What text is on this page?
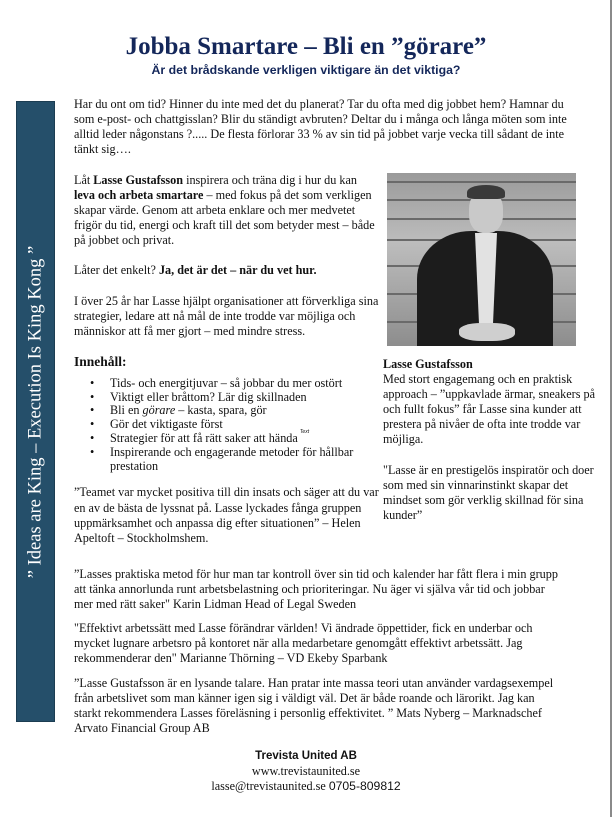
Jobba Smartare – Bli en ”görare”

Är det brådskande verkligen viktigare än det viktiga?

” Ideas are King – Execution Is King Kong ”

Har du ont om tid? Hinner du inte med det du planerat? Tar du ofta med dig jobbet hem? Hamnar du som e-post- och chattgisslan? Blir du ständigt avbruten? Deltar du i många och långa möten som inte alltid leder någonstans ?..... De flesta förlorar 33 % av sin tid på jobbet varje vecka till sådant de inte tänkt sig….

Låt Lasse Gustafsson inspirera och träna dig i hur du kan leva och arbeta smartare – med fokus på det som verkligen skapar värde. Genom att arbeta enklare och mer medvetet frigör du tid, energi och kraft till det som betyder mest – både på jobbet och privat.

Låter det enkelt? Ja, det är det – när du vet hur.

I över 25 år har Lasse hjälpt organisationer att förverkliga sina strategier, ledare att nå mål de inte trodde var möjliga och människor att få mer gjort – med mindre stress.

Innehåll:

• Tids- och energitjuvar – så jobbar du mer ostört
• Viktigt eller bråttom? Lär dig skillnaden
• Bli en görare – kasta, spara, gör
• Gör det viktigaste först
• Strategier för att få rätt saker att hända $^{Text}$
• Inspirerande och engagerande metoder för hållbar prestation

”Teamet var mycket positiva till din insats och säger att du var en av de bästa de lyssnat på. Lasse lyckades fånga gruppen uppmärksamhet och anpassa dig efter situationen” – Helen Apeltoft – Stockholmshem.

Lasse Gustafsson
Med stort engagemang och en praktisk approach – ”uppkavlade ärmar, sneakers på och fullt fokus” får Lasse sina kunder att prestera på nivåer de ofta inte trodde var möjliga.
"Lasse är en prestigelös inspiratör och doer som med sin vinnarinstinkt skapar det mindset som gör verklig skillnad för sina kunder”

”Lasses praktiska metod för hur man tar kontroll över sin tid och kalender har fått flera i min grupp att tänka annorlunda runt arbetsbelastning och prioriteringar. Nu äger vi själva vår tid och jobbar mer med rätt saker" Karin Lidman Head of Legal Sweden

"Effektivt arbetssätt med Lasse förändrar världen! Vi ändrade öppettider, fick en underbar och mycket lugnare arbetsro på kontoret när alla medarbetare genomgått effektivt arbetssätt. Jag rekommenderar den" Marianne Thörning – VD Ekeby Sparbank

”Lasse Gustafsson är en lysande talare. Han pratar inte massa teori utan använder vardagsexempel från arbetslivet som man känner igen sig i väldigt väl. Det är både roande och lärorikt. Jag kan starkt rekommendera Lasses föreläsning i personlig effektivitet. ” Mats Nyberg – Marknadschef Arvato Financial Group AB

Trevista United AB
www.trevistaunited.se
lasse@trevistaunited.se 0705-809812
